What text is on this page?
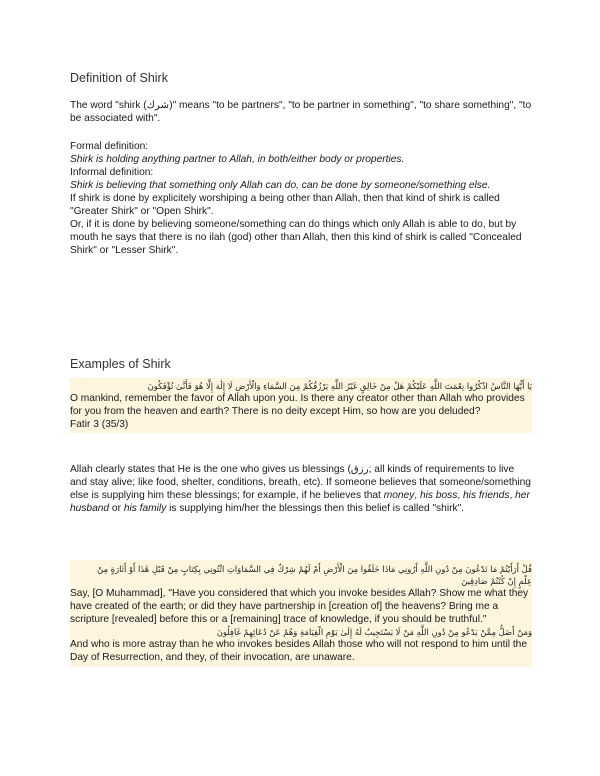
Definition of Shirk

The word "shirk (شرك)" means "to be partners", "to be partner in something", "to share something", "to be associated with".

Formal definition:

Shirk is holding anything partner to Allah, in both/either body or properties.

Informal definition:

Shirk is believing that something only Allah can do, can be done by someone/something else.

If shirk is done by explicitely worshiping a being other than Allah, then that kind of shirk is called "Greater Shirk" or "Open Shirk".

Or, if it is done by believing someone/something can do things which only Allah is able to do, but by mouth he says that there is no ilah (god) other than Allah, then this kind of shirk is called "Concealed Shirk" or "Lesser Shirk".

Examples of Shirk
يَا أَيُّهَا النَّاسُ اذْكُرُوا نِعْمَتَ اللَّهِ عَلَيْكُمْ هَلْ مِنْ خَالِقٍ غَيْرُ اللَّهِ يَرْزُقُكُمْ مِنَ السَّمَاءِ وَالْأَرْضِ لَا إِلَٰهَ إِلَّا هُوَ فَأَنَّىٰ تُؤْفَكُونَ

O mankind, remember the favor of Allah upon you. Is there any creator other than Allah who provides for you from the heaven and earth? There is no deity except Him, so how are you deluded?

Fatir 3 (35/3)

Allah clearly states that He is the one who gives us blessings (رزق; all kinds of requirements to live and stay alive; like food, shelter, conditions, breath, etc). If someone believes that someone/something else is supplying him these blessings; for example, if he believes that money, his boss, his friends, her husband or his family is supplying him/her the blessings then this belief is called "shirk".

قُلْ أَرَأَيْتُمْ مَا تَدْعُونَ مِنْ دُونِ اللَّهِ أَرُونِي مَاذَا خَلَقُوا مِنَ الْأَرْضِ أَمْ لَهُمْ شِرْكٌ فِي السَّمَاوَاتِ ائْتُونِي بِكِتَابٍ مِنْ قَبْلِ هَٰذَا أَوْ أَثَارَةٍ مِنْ
عِلْمٍ إِنْ كُنْتُمْ صَادِقِينَ

Say, [O Muhammad], "Have you considered that which you invoke besides Allah? Show me what they have created of the earth; or did they have partnership in [creation of] the heavens? Bring me a scripture [revealed] before this or a [remaining] trace of knowledge, if you should be truthful."

وَمَنْ أَضَلُّ مِمَّنْ يَدْعُو مِنْ دُونِ اللَّهِ مَنْ لَا يَسْتَجِيبُ لَهُ إِلَىٰ يَوْمِ الْقِيَامَةِ وَهُمْ عَنْ دُعَائِهِمْ غَافِلُونَ

And who is more astray than he who invokes besides Allah those who will not respond to him until the Day of Resurrection, and they, of their invocation, are unaware.
